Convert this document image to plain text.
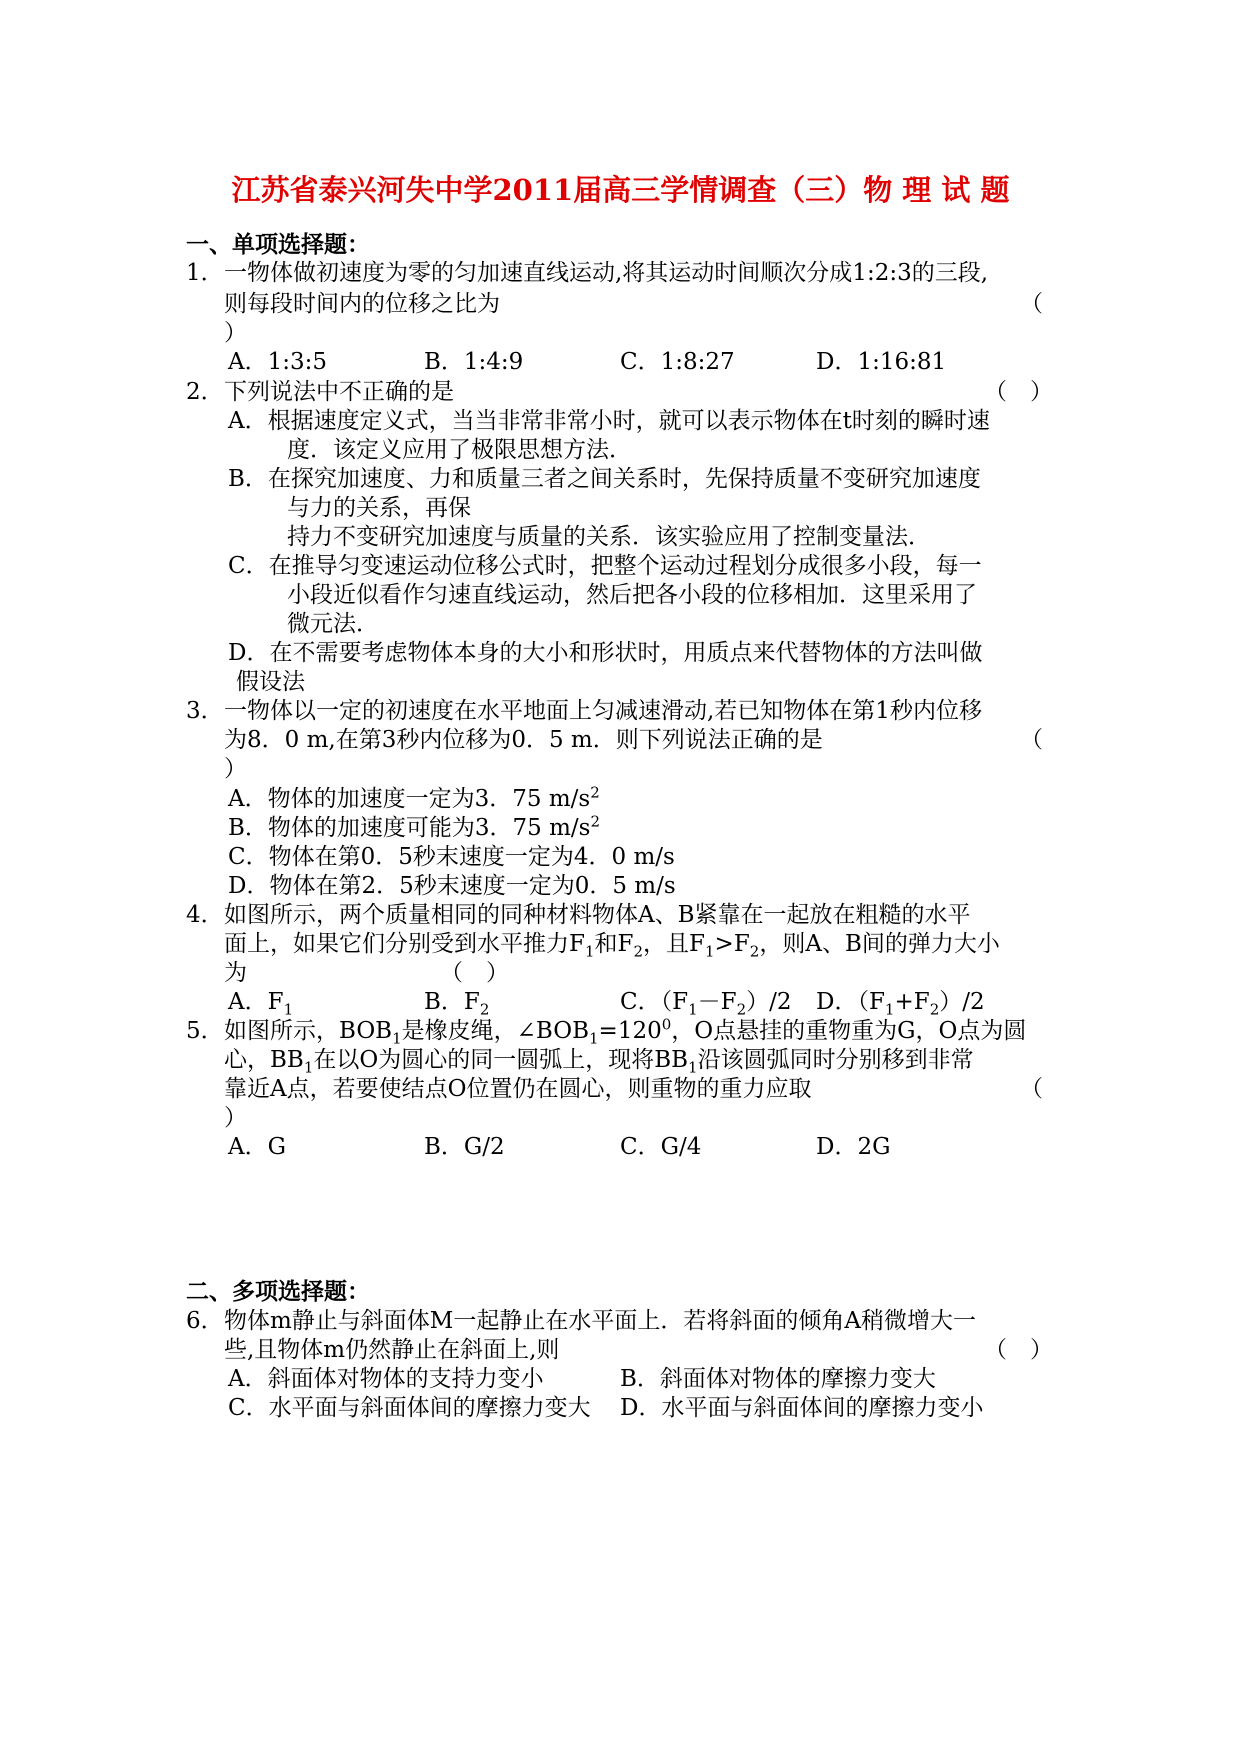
江苏省泰兴河失中学2011届高三学情调查（三）物 理 试 题
一、单项选择题：
1． 一物体做初速度为零的匀加速直线运动,将其运动时间顺次分成1:2:3的三段,
则每段时间内的位移之比为	（
）
A．1:3:5	B．1:4:9	C．1:8:27	D．1:16:81
2． 下列说法中不正确的是	（　）
A．根据速度定义式，当当非常非常小时，就可以表示物体在t时刻的瞬时速
度．该定义应用了极限思想方法．
B．在探究加速度、力和质量三者之间关系时，先保持质量不变研究加速度
与力的关系，再保
持力不变研究加速度与质量的关系．该实验应用了控制变量法．
C．在推导匀变速运动位移公式时，把整个运动过程划分成很多小段，每一
小段近似看作匀速直线运动，然后把各小段的位移相加．这里采用了
微元法．
D．在不需要考虑物体本身的大小和形状时，用质点来代替物体的方法叫做
假设法
3． 一物体以一定的初速度在水平地面上匀减速滑动,若已知物体在第1秒内位移
为8．0 m,在第3秒内位移为0．5 m．则下列说法正确的是	（
）
A．物体的加速度一定为3．75 $m/s^2$
B．物体的加速度可能为3．75 $m/s^2$
C．物体在第0．5秒末速度一定为4．0 m/s
D．物体在第2．5秒末速度一定为0．5 m/s
4． 如图所示，两个质量相同的同种材料物体A、B紧靠在一起放在粗糙的水平
面上，如果它们分别受到水平推力$F_1$和$F_2$，且$F_1>F_2$，则A、B间的弹力大小
为	（　）
A．$F_1$	B．$F_2$	C．$(F_1-F_2)/2$ D．$(F_1+F_2)/2$
5． 如图所示，$BOB_1$是橡皮绳，$\angle BOB_1=120^0$，O点悬挂的重物重为G，O点为圆
心，$BB_1$在以O为圆心的同一圆弧上，现将$BB_1$沿该圆弧同时分别移到非常
靠近A点，若要使结点O位置仍在圆心，则重物的重力应取	（
）
A．G	B．G/2	C．G/4	D．2G
二、多项选择题：
6． 物体m静止与斜面体M一起静止在水平面上．若将斜面的倾角A稍微增大一
些,且物体m仍然静止在斜面上,则	（　）
A．斜面体对物体的支持力变小	B．斜面体对物体的摩擦力变大
C．水平面与斜面体间的摩擦力变大 D．水平面与斜面体间的摩擦力变小
